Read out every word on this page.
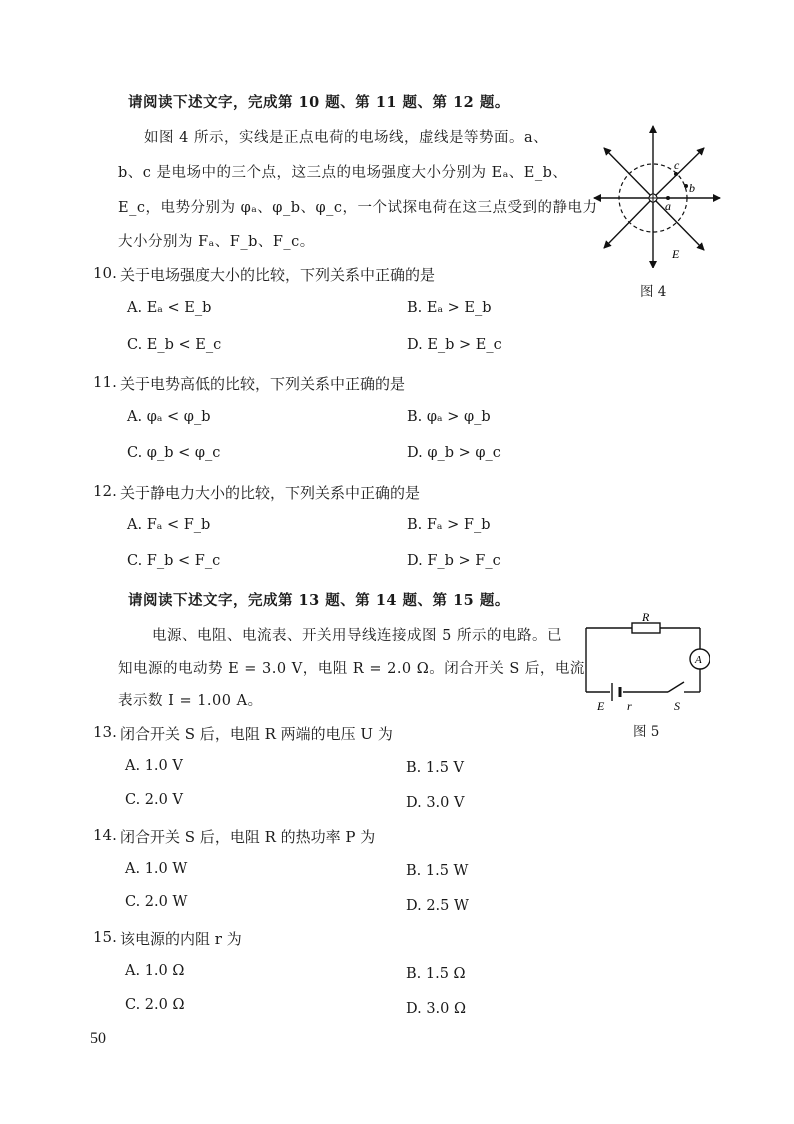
请阅读下述文字，完成第 10 题、第 11 题、第 12 题。
如图 4 所示，实线是正点电荷的电场线，虚线是等势面。a、
b、c 是电场中的三个点，这三点的电场强度大小分别为 Eₐ、E_b、
E_c，电势分别为 φₐ、φ_b、φ_c，一个试探电荷在这三点受到的静电力
大小分别为 Fₐ、F_b、F_c。
a
b
c
E
图 4
10. 关于电场强度大小的比较，下列关系中正确的是
A. Eₐ < E_b	B. Eₐ > E_b
C. E_b < E_c	D. E_b > E_c
11. 关于电势高低的比较，下列关系中正确的是
A. φₐ < φ_b	B. φₐ > φ_b
C. φ_b < φ_c	D. φ_b > φ_c
12. 关于静电力大小的比较，下列关系中正确的是
A. Fₐ < F_b	B. Fₐ > F_b
C. F_b < F_c	D. F_b > F_c
请阅读下述文字，完成第 13 题、第 14 题、第 15 题。
电源、电阻、电流表、开关用导线连接成图 5 所示的电路。已
知电源的电动势 E = 3.0 V，电阻 R = 2.0 Ω。闭合开关 S 后，电流
表示数 I = 1.00 A。
R
A
E r	S
图 5
13. 闭合开关 S 后，电阻 R 两端的电压 U 为
A. 1.0 V	B. 1.5 V
C. 2.0 V	D. 3.0 V
14. 闭合开关 S 后，电阻 R 的热功率 P 为
A. 1.0 W	B. 1.5 W
C. 2.0 W	D. 2.5 W
15. 该电源的内阻 r 为
A. 1.0 Ω	B. 1.5 Ω
C. 2.0 Ω	D. 3.0 Ω
50
